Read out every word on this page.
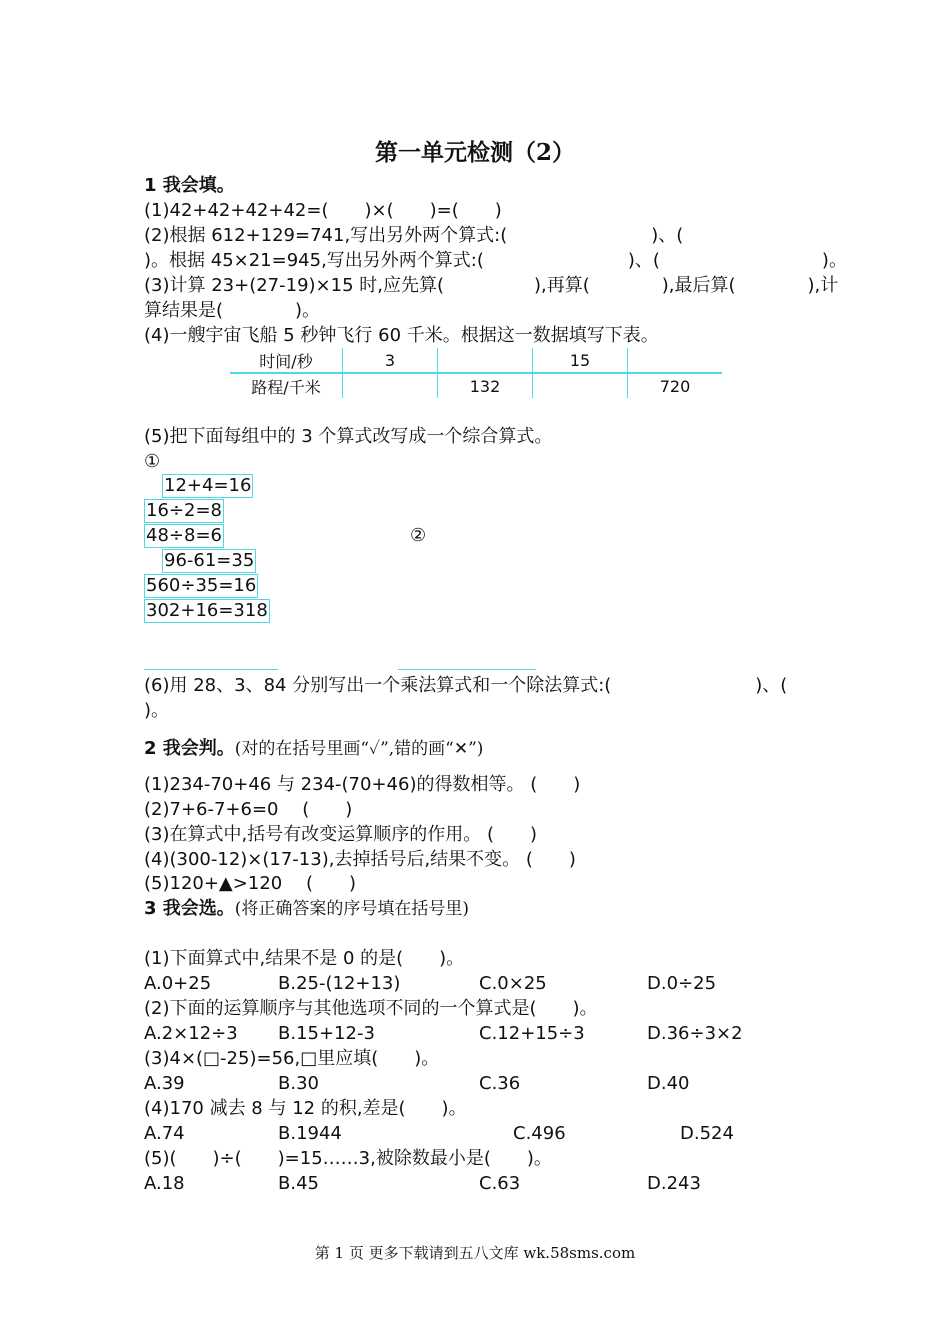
第一单元检测（2）
1 我会填。
(1)42+42+42+42=(　　)×(　　)=(　　)
(2)根据 612+129=741,写出另外两个算式:(　　　　　　　　)、(
)。根据 45×21=945,写出另外两个算式:(　　　　　　　　)、(　　　　　　　　　)。
(3)计算 23+(27-19)×15 时,应先算(　　　　　),再算(　　　　),最后算(　　　　),计
算结果是(　　　　)。
(4)一艘宇宙飞船 5 秒钟飞行 60 千米。根据这一数据填写下表。
时间/秒	3		15	
路程/千米		132		720
(5)把下面每组中的 3 个算式改写成一个综合算式。
①
12+4=16
16÷2=8
48÷8=6	②
96-61=35
560÷35=16
302+16=318
(6)用 28、3、84 分别写出一个乘法算式和一个除法算式:(　　　　　　　　)、(
)。
2 我会判。(对的在括号里画“✓”,错的画“✕”)
(1)234-70+46 与 234-(70+46)的得数相等。 (　　)
(2)7+6-7+6=0　 (　　)
(3)在算式中,括号有改变运算顺序的作用。 (　　)
(4)(300-12)×(17-13),去掉括号后,结果不变。 (　　)
(5)120+▲>120　 (　　)
3 我会选。(将正确答案的序号填在括号里)
(1)下面算式中,结果不是 0 的是(　　)。
A.0+25	B.25-(12+13)	C.0×25	D.0÷25
(2)下面的运算顺序与其他选项不同的一个算式是(　　)。
A.2×12÷3 B.15+12-3	C.12+15÷3	D.36÷3×2
(3)4×(□-25)=56,□里应填(　　)。
A.39	B.30	C.36	D.40
(4)170 减去 8 与 12 的积,差是(　　)。
A.74	B.1944	C.496	D.524
(5)(　　)÷(　　)=15……3,被除数最小是(　　)。
A.18	B.45	C.63	D.243
第 1 页 更多下载请到五八文库 wk.58sms.com
